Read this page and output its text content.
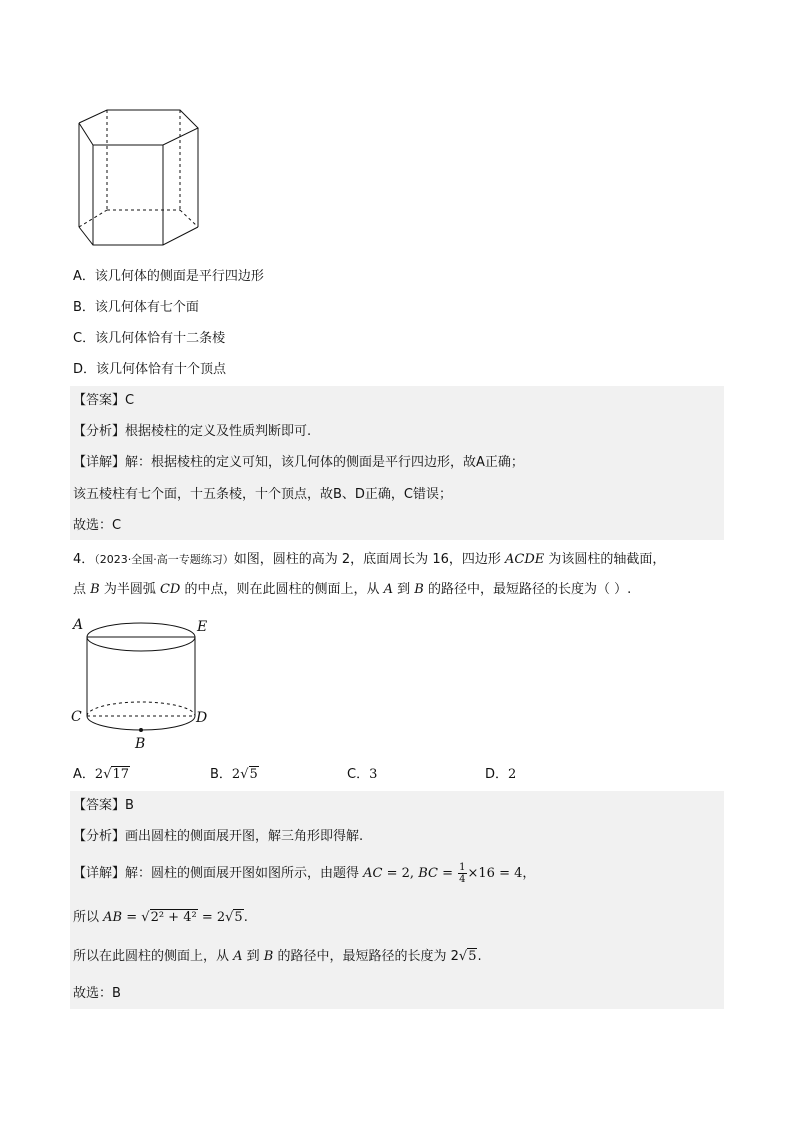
A．该几何体的侧面是平行四边形
B．该几何体有七个面
C．该几何体恰有十二条棱
D．该几何体恰有十个顶点
【答案】C
【分析】根据棱柱的定义及性质判断即可.
【详解】解：根据棱柱的定义可知，该几何体的侧面是平行四边形，故A正确；
该五棱柱有七个面，十五条棱，十个顶点，故B、D正确，C错误；
故选：C
4．（2023·全国·高一专题练习）如图，圆柱的高为 2，底面周长为 16，四边形 ACDE 为该圆柱的轴截面，
点 B 为半圆弧 CD 的中点，则在此圆柱的侧面上，从 A 到 B 的路径中，最短路径的长度为（ ）.
A	E
C	D
B
A．2√17	B．2√5	C．3	D．2
【答案】B
【分析】画出圆柱的侧面展开图，解三角形即得解.
【详解】解：圆柱的侧面展开图如图所示，由题得 AC = 2, BC = $\frac{1}{4} \times 16 = 4$，
所以 AB = √2² + 4² = 2√5.
所以在此圆柱的侧面上，从 A 到 B 的路径中，最短路径的长度为 2√5.
故选：B
